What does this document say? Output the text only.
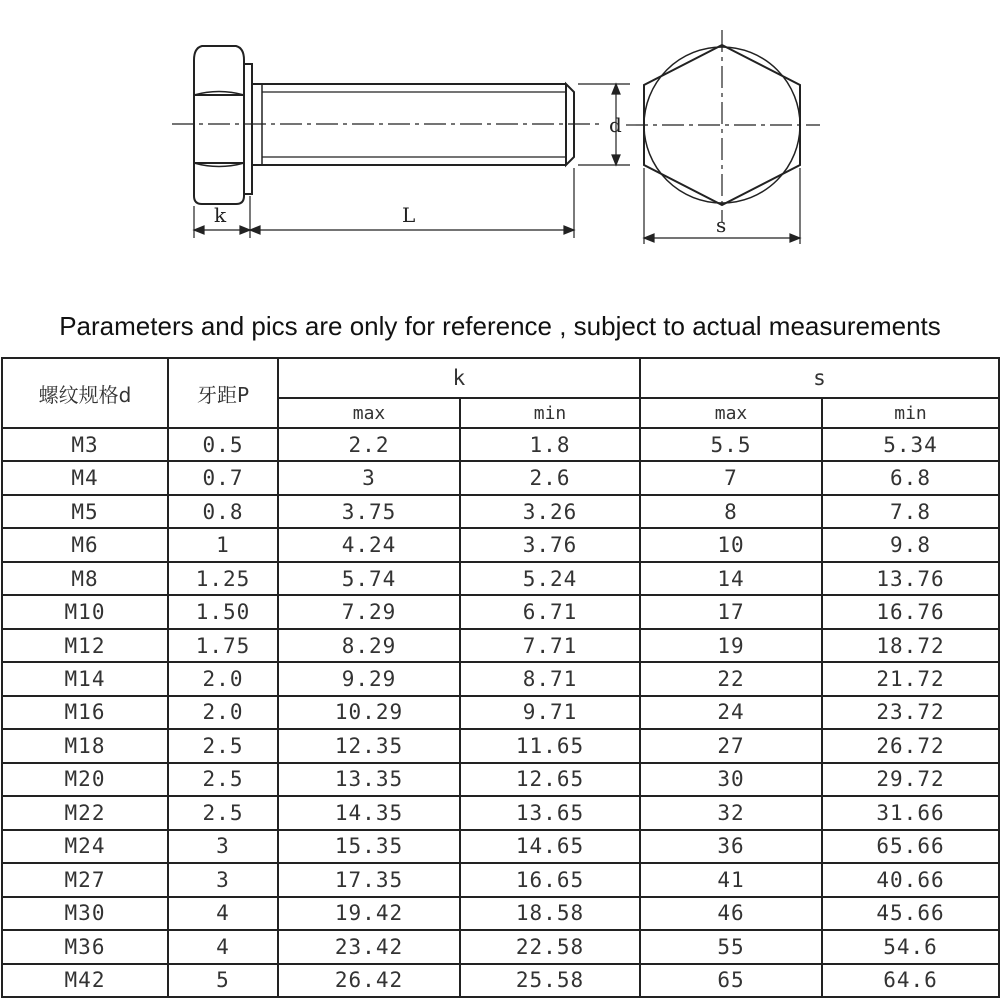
k	L
d
s
Parameters and pics are only for reference , subject to actual measurements
螺纹规格d	牙距P	k		s	
		max	min	max	min
M3	0.5	2.2	1.8	5.5	5.34
M4	0.7	3	2.6	7	6.8
M5	0.8	3.75	3.26	8	7.8
M6	1	4.24	3.76	10	9.8
M8	1.25	5.74	5.24	14	13.76
M10	1.50	7.29	6.71	17	16.76
M12	1.75	8.29	7.71	19	18.72
M14	2.0	9.29	8.71	22	21.72
M16	2.0	10.29	9.71	24	23.72
M18	2.5	12.35	11.65	27	26.72
M20	2.5	13.35	12.65	30	29.72
M22	2.5	14.35	13.65	32	31.66
M24	3	15.35	14.65	36	65.66
M27	3	17.35	16.65	41	40.66
M30	4	19.42	18.58	46	45.66
M36	4	23.42	22.58	55	54.6
M42	5	26.42	25.58	65	64.6
